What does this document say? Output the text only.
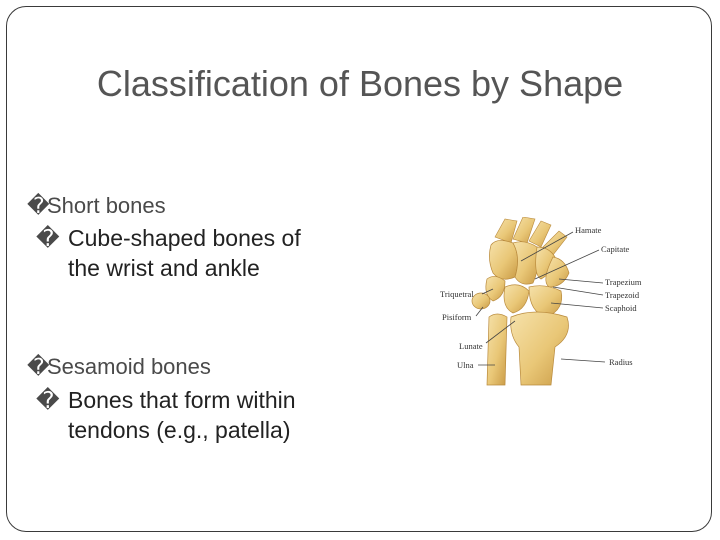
Classification of Bones by Shape
�Short bones
� Cube-shaped bones of the wrist and ankle
�Sesamoid bones
� Bones that form within tendons (e.g., patella)
Hamate
Capitate
Trapezium
Trapezoid
Scaphoid
Triquetral
Pisiform
Lunate
Ulna	Radius
